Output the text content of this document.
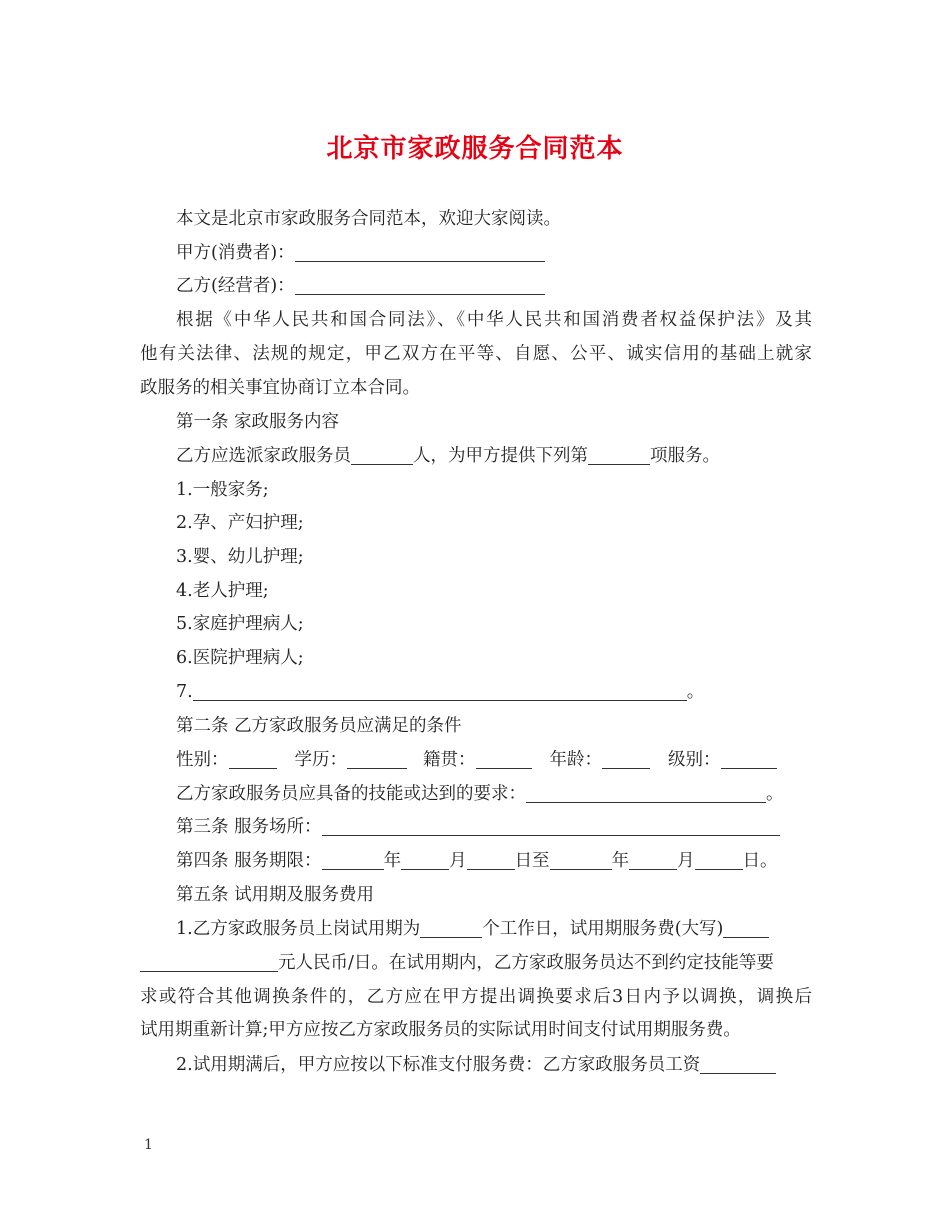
北京市家政服务合同范本
本文是北京市家政服务合同范本，欢迎大家阅读。
甲方(消费者)：
乙方(经营者)：
根据《中华人民共和国合同法》、《中华人民共和国消费者权益保护法》及其
他有关法律、法规的规定，甲乙双方在平等、自愿、公平、诚实信用的基础上就家
政服务的相关事宜协商订立本合同。
第一条 家政服务内容
乙方应选派家政服务员	人，为甲方提供下列第	项服务。
1.一般家务;
2.孕、产妇护理;
3.婴、幼儿护理;
4.老人护理;
5.家庭护理病人;
6.医院护理病人;
7.	。
第二条 乙方家政服务员应满足的条件
性别：	学历：	籍贯：	年龄：	级别：
乙方家政服务员应具备的技能或达到的要求：	。
第三条 服务场所：
第四条 服务期限：	年	月	日至	年	月	日。
第五条 试用期及服务费用
1.乙方家政服务员上岗试用期为	个工作日，试用期服务费(大写)
元人民币/日。在试用期内，乙方家政服务员达不到约定技能等要
求或符合其他调换条件的，乙方应在甲方提出调换要求后3日内予以调换，调换后
试用期重新计算;甲方应按乙方家政服务员的实际试用时间支付试用期服务费。
2.试用期满后，甲方应按以下标准支付服务费：乙方家政服务员工资
1
